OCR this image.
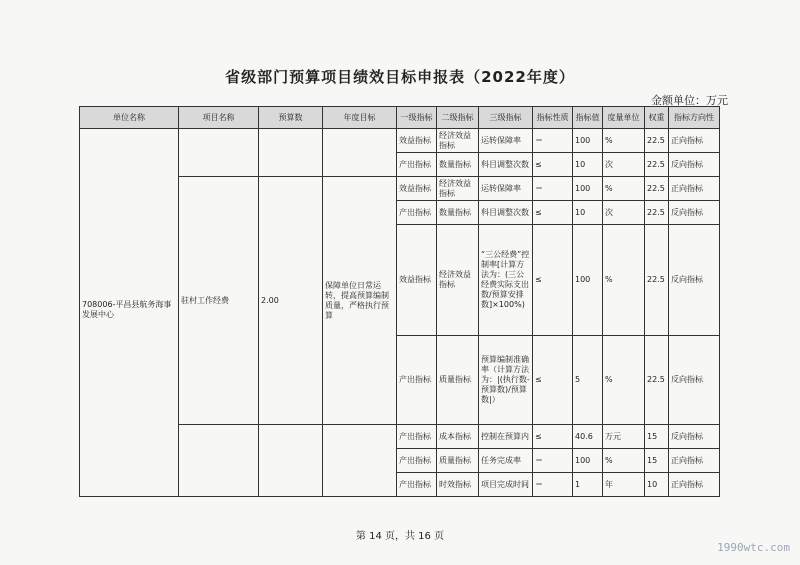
省级部门预算项目绩效目标申报表（2022年度）
金额单位：万元
单位名称	项目名称	预算数	年度目标	一级指标	二级指标	三级指标	指标性质	指标值	度量单位	权重	指标方向性
708006-平昌县航务海事发展中心				效益指标	经济效益指标	运转保障率	＝	100	%	22.5	正向指标
				产出指标	数量指标	科目调整次数	≤	10	次	22.5	反向指标
	驻村工作经费	2.00	保障单位日常运转，提高预算编制质量，严格执行预算	效益指标	经济效益指标	运转保障率	＝	100	%	22.5	正向指标
				产出指标	数量指标	科目调整次数	≤	10	次	22.5	反向指标
				效益指标	经济效益指标	“三公经费”控制率[计算方法为：(三公经费实际支出数/预算安排数]×100%)	≤	100	%	22.5	反向指标
				产出指标	质量指标	预算编制准确率（计算方法为：|(执行数-预算数)/预算数|）	≤	5	%	22.5	反向指标
				产出指标	成本指标	控制在预算内	≤	40.6	万元	15	反向指标
				产出指标	质量指标	任务完成率	＝	100	%	15	正向指标
				产出指标	时效指标	项目完成时间	＝	1	年	10	正向指标
第 14 页，共 16 页
1990wtc.com
